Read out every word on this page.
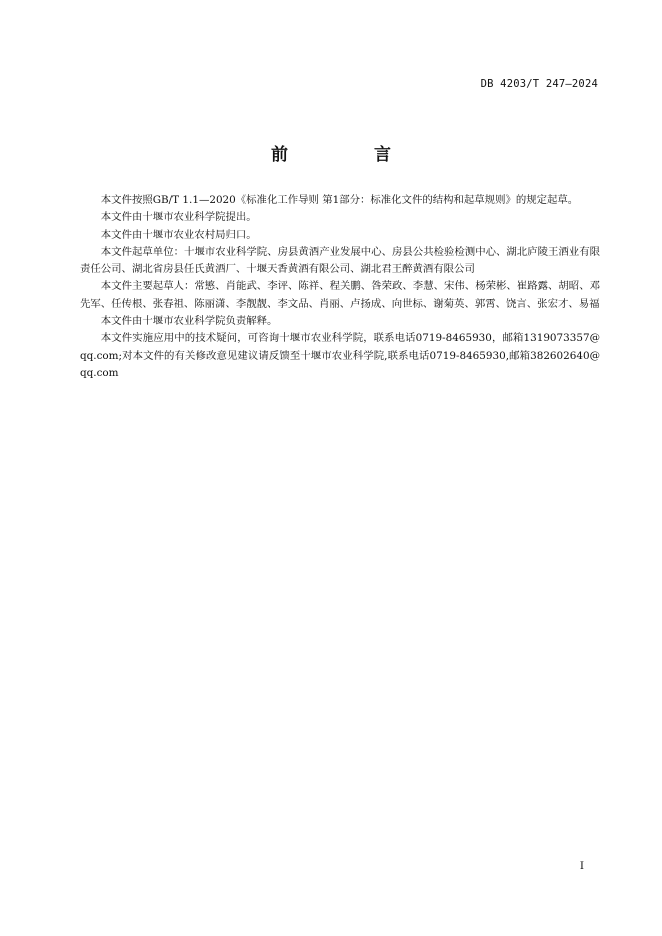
DB 4203/T 247—2024
前 言

本文件按照GB/T 1.1—2020《标准化工作导则 第1部分：标准化文件的结构和起草规则》的规定起草。

本文件由十堰市农业科学院提出。

本文件由十堰市农业农村局归口。

本文件起草单位：十堰市农业科学院、房县黄酒产业发展中心、房县公共检验检测中心、湖北庐陵王酒业有限责任公司、湖北省房县任氏黄酒厂、十堰天香黄酒有限公司、湖北君王醉黄酒有限公司

本文件主要起草人：常慜、肖能武、李评、陈祥、程关鹏、咎荣政、李慧、宋伟、杨荣彬、崔路露、胡昭、邓先军、任传根、张春祖、陈丽潇、李靓靓、李文品、肖丽、卢扬成、向世标、谢菊英、郭霄、饶言、张宏才、易福

本文件由十堰市农业科学院负责解释。

本文件实施应用中的技术疑问，可咨询十堰市农业科学院，联系电话0719-8465930，邮箱1319073357@qq.com;对本文件的有关修改意见建议请反馈至十堰市农业科学院,联系电话0719-8465930,邮箱382602640@qq.com

I
